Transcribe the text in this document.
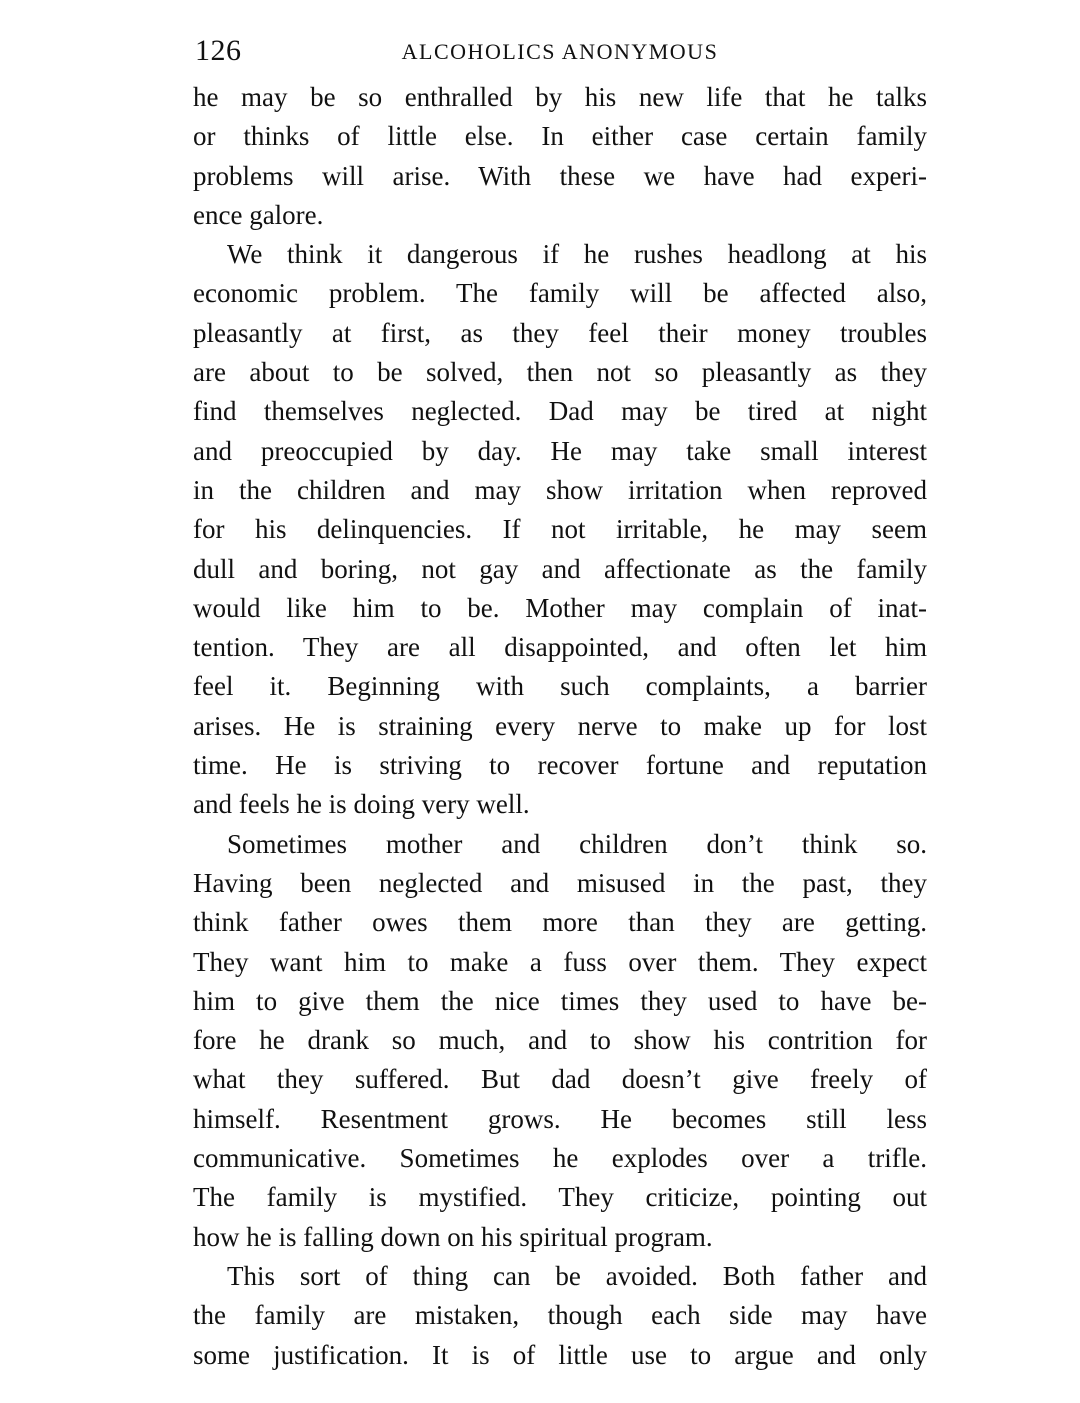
126	ALCOHOLICS ANONYMOUS
he may be so enthralled by his new life that he talks
or thinks of little else. In either case certain family
problems will arise. With these we have had experi-
ence galore.
We think it dangerous if he rushes headlong at his
economic problem. The family will be affected also,
pleasantly at first, as they feel their money troubles
are about to be solved, then not so pleasantly as they
find themselves neglected. Dad may be tired at night
and preoccupied by day. He may take small interest
in the children and may show irritation when reproved
for his delinquencies. If not irritable, he may seem
dull and boring, not gay and affectionate as the family
would like him to be. Mother may complain of inat-
tention. They are all disappointed, and often let him
feel it. Beginning with such complaints, a barrier
arises. He is straining every nerve to make up for lost
time. He is striving to recover fortune and reputation
and feels he is doing very well.
Sometimes mother and children don’t think so.
Having been neglected and misused in the past, they
think father owes them more than they are getting.
They want him to make a fuss over them. They expect
him to give them the nice times they used to have be-
fore he drank so much, and to show his contrition for
what they suffered. But dad doesn’t give freely of
himself. Resentment grows. He becomes still less
communicative. Sometimes he explodes over a trifle.
The family is mystified. They criticize, pointing out
how he is falling down on his spiritual program.
This sort of thing can be avoided. Both father and
the family are mistaken, though each side may have
some justification. It is of little use to argue and only
